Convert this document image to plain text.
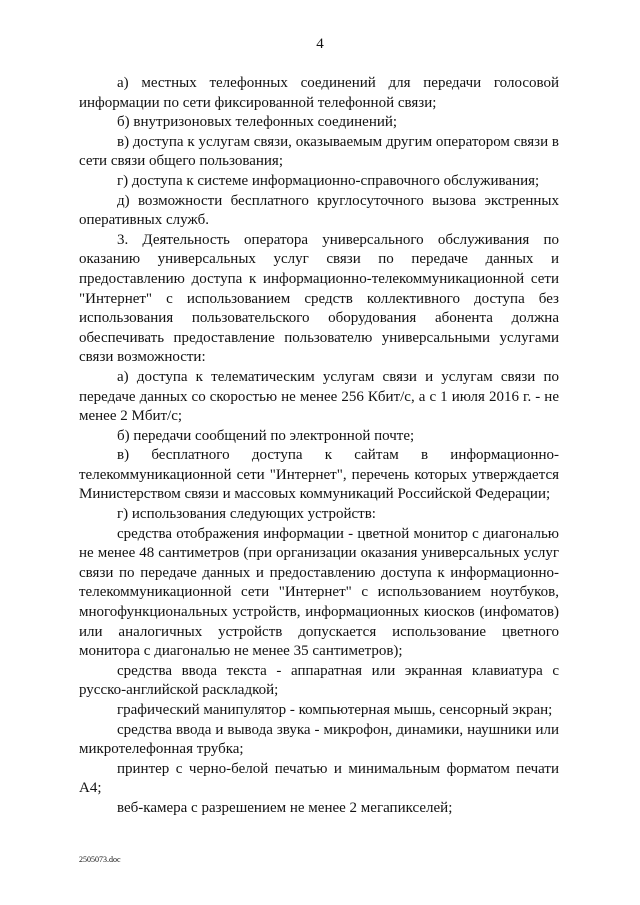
4

а) местных телефонных соединений для передачи голосовой информации по сети фиксированной телефонной связи;

б) внутризоновых телефонных соединений;

в) доступа к услугам связи, оказываемым другим оператором связи в сети связи общего пользования;

г) доступа к системе информационно-справочного обслуживания;

д) возможности бесплатного круглосуточного вызова экстренных оперативных служб.

3. Деятельность оператора универсального обслуживания по оказанию универсальных услуг связи по передаче данных и предоставлению доступа к информационно-телекоммуникационной сети "Интернет" с использованием средств коллективного доступа без использования пользовательского оборудования абонента должна обеспечивать предоставление пользователю универсальными услугами связи возможности:

а) доступа к телематическим услугам связи и услугам связи по передаче данных со скоростью не менее 256 Кбит/с, а с 1 июля 2016 г. - не менее 2 Мбит/с;

б) передачи сообщений по электронной почте;

в) бесплатного доступа к сайтам в информационно-телекоммуникационной сети "Интернет", перечень которых утверждается Министерством связи и массовых коммуникаций Российской Федерации;

г) использования следующих устройств:

средства отображения информации - цветной монитор с диагональю не менее 48 сантиметров (при организации оказания универсальных услуг связи по передаче данных и предоставлению доступа к информационно-телекоммуникационной сети "Интернет" с использованием ноутбуков, многофункциональных устройств, информационных киосков (инфоматов) или аналогичных устройств допускается использование цветного монитора с диагональю не менее 35 сантиметров);

средства ввода текста - аппаратная или экранная клавиатура с русско-английской раскладкой;

графический манипулятор - компьютерная мышь, сенсорный экран;

средства ввода и вывода звука - микрофон, динамики, наушники или микротелефонная трубка;

принтер с черно-белой печатью и минимальным форматом печати А4;

веб-камера с разрешением не менее 2 мегапикселей;

2505073.doc
